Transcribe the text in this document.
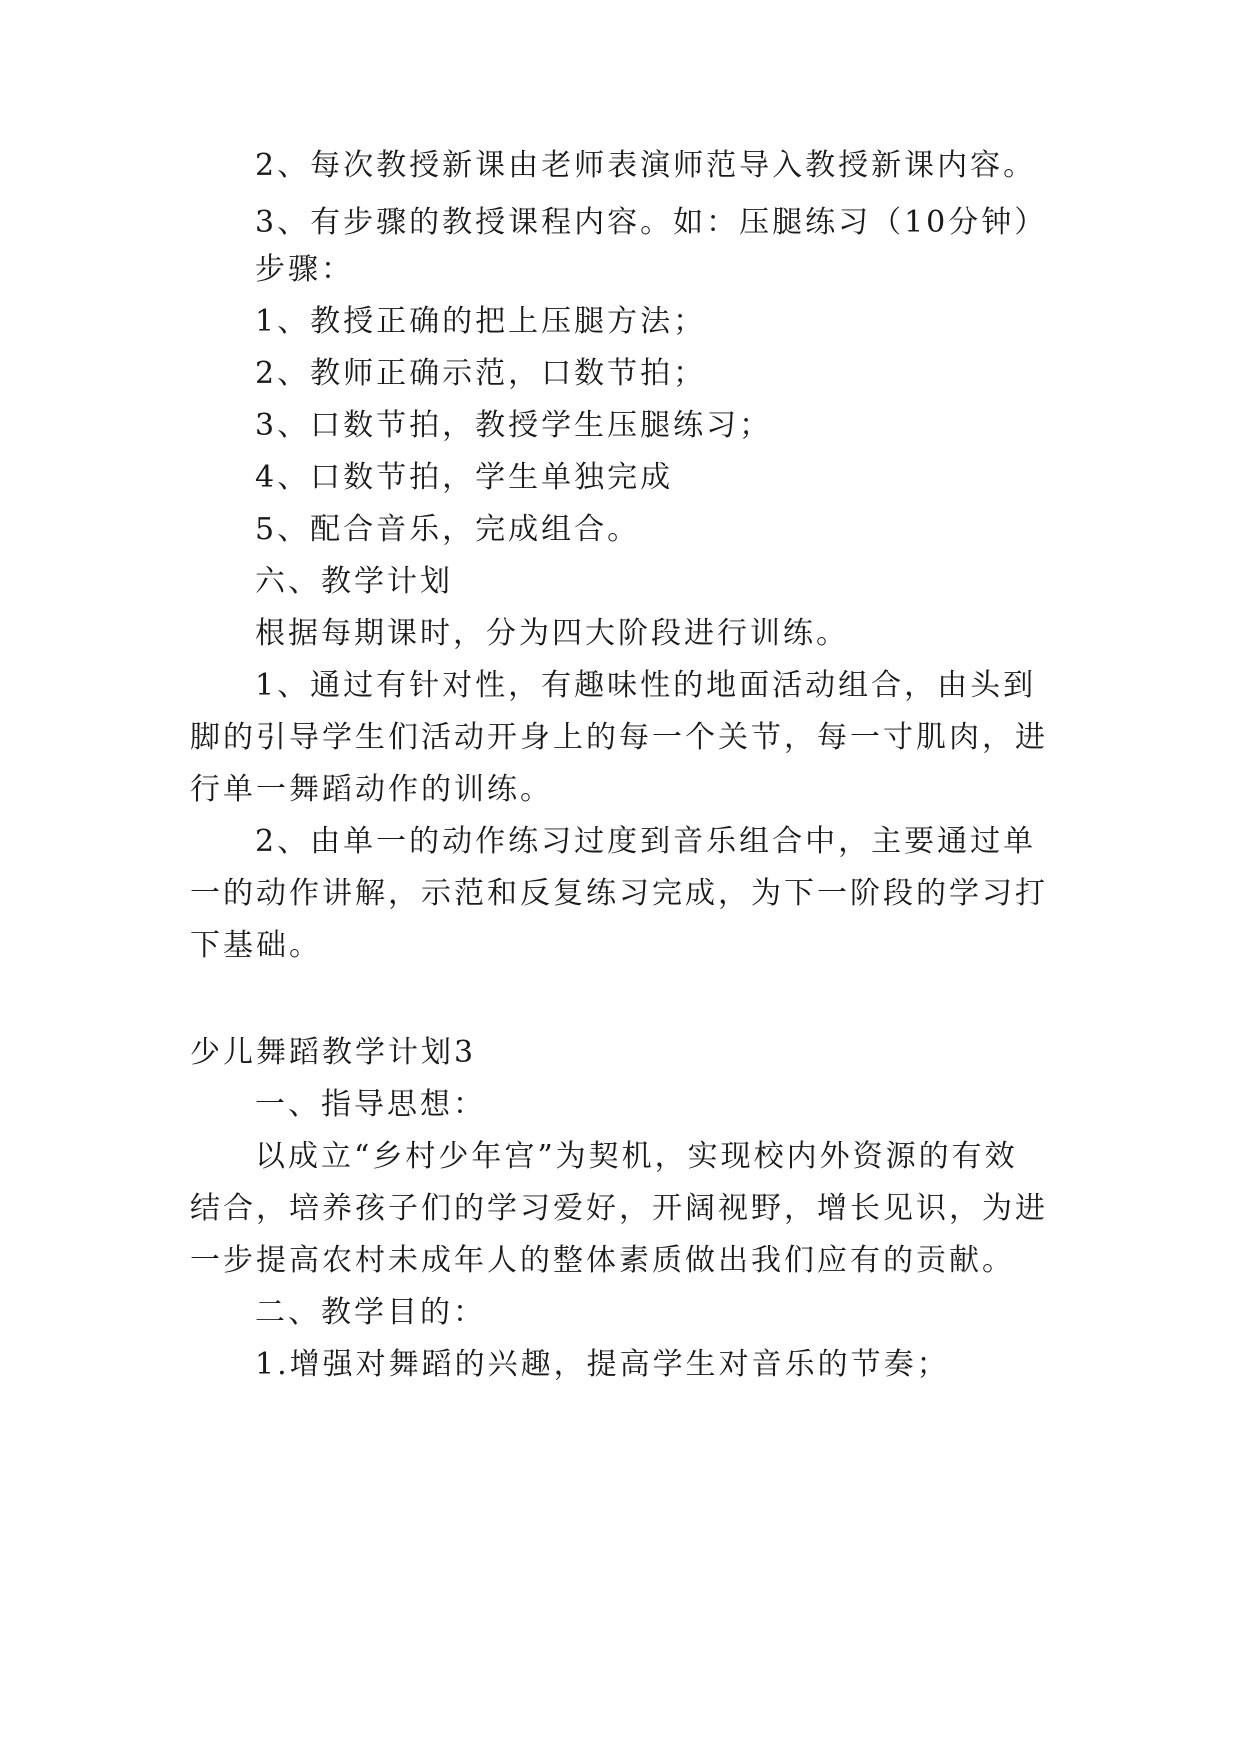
2、每次教授新课由老师表演师范导入教授新课内容。
3、有步骤的教授课程内容。如：压腿练习（10分钟）
步骤：
1、教授正确的把上压腿方法；
2、教师正确示范，口数节拍；
3、口数节拍，教授学生压腿练习；
4、口数节拍，学生单独完成
5、配合音乐，完成组合。
六、教学计划
根据每期课时，分为四大阶段进行训练。
1、通过有针对性，有趣味性的地面活动组合，由头到
脚的引导学生们活动开身上的每一个关节，每一寸肌肉，进
行单一舞蹈动作的训练。
2、由单一的动作练习过度到音乐组合中，主要通过单
一的动作讲解，示范和反复练习完成，为下一阶段的学习打
下基础。
少儿舞蹈教学计划3
一、指导思想：
以成立“乡村少年宫”为契机，实现校内外资源的有效
结合，培养孩子们的学习爱好，开阔视野，增长见识，为进
一步提高农村未成年人的整体素质做出我们应有的贡献。
二、教学目的：
1.增强对舞蹈的兴趣，提高学生对音乐的节奏；
